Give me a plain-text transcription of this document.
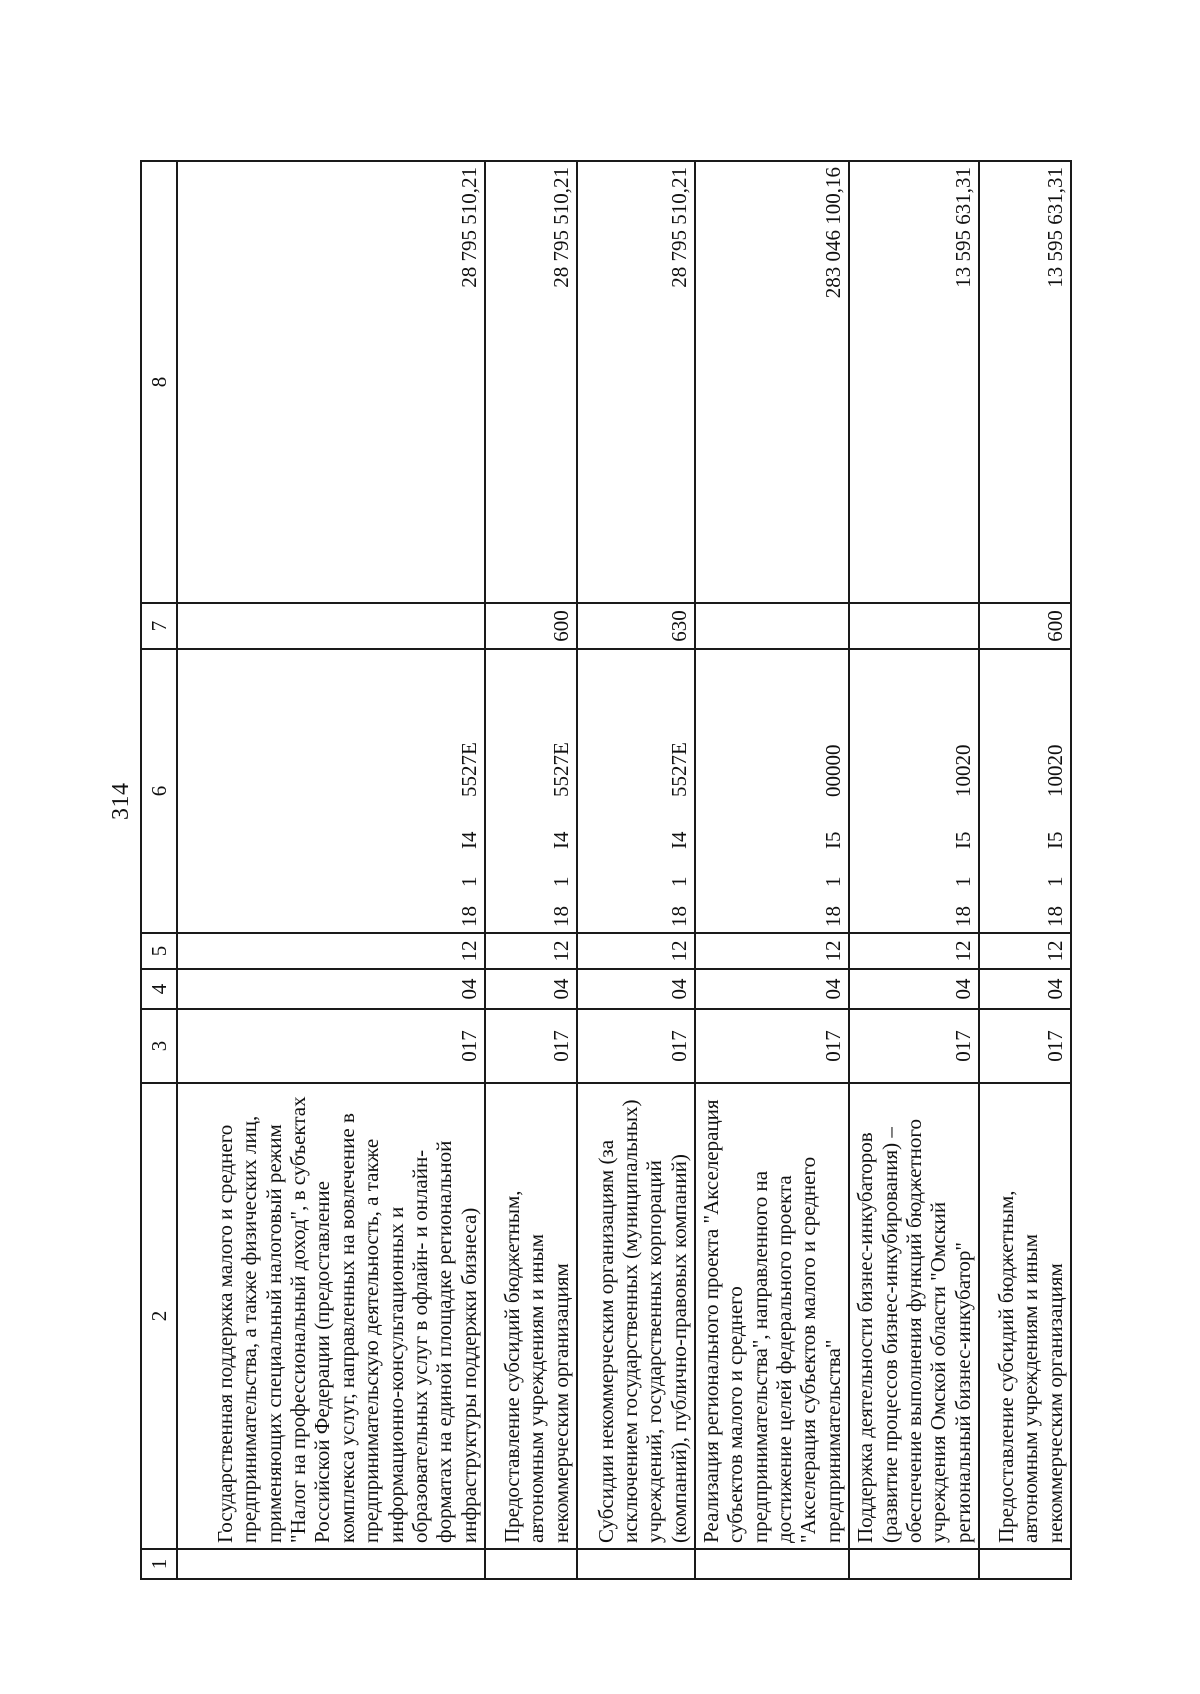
314
1	2	3	4	5	6	7	8
	Государственная поддержка малого и среднего предпринимательства, а также физических лиц, применяющих специальный налоговый режим "Налог на профессиональный доход", в субъектах Российской Федерации (предоставление комплекса услуг, направленных на вовлечение в предпринимательскую деятельность, а также информационно-консультационных и образовательных услуг в офлайн- и онлайн-форматах на единой площадке региональной инфраструктуры поддержки бизнеса)	017	04	12	181I45527E		28 795 510,21
	Предоставление субсидий бюджетным, автономным учреждениям и иным некоммерческим организациям	017	04	12	181I45527E	600	28 795 510,21
	Субсидии некоммерческим организациям (за исключением государственных (муниципальных) учреждений, государственных корпораций (компаний), публично-правовых компаний)	017	04	12	181I45527E	630	28 795 510,21
	Реализация регионального проекта "Акселерация субъектов малого и среднего предпринимательства", направленного на достижение целей федерального проекта "Акселерация субъектов малого и среднего предпринимательства"	017	04	12	181I500000		283 046 100,16
	Поддержка деятельности бизнес-инкубаторов (развитие процессов бизнес-инкубирования) – обеспечение выполнения функций бюджетного учреждения Омской области "Омский региональный бизнес-инкубатор"	017	04	12	181I510020		13 595 631,31
	Предоставление субсидий бюджетным, автономным учреждениям и иным некоммерческим организациям	017	04	12	181I510020	600	13 595 631,31
